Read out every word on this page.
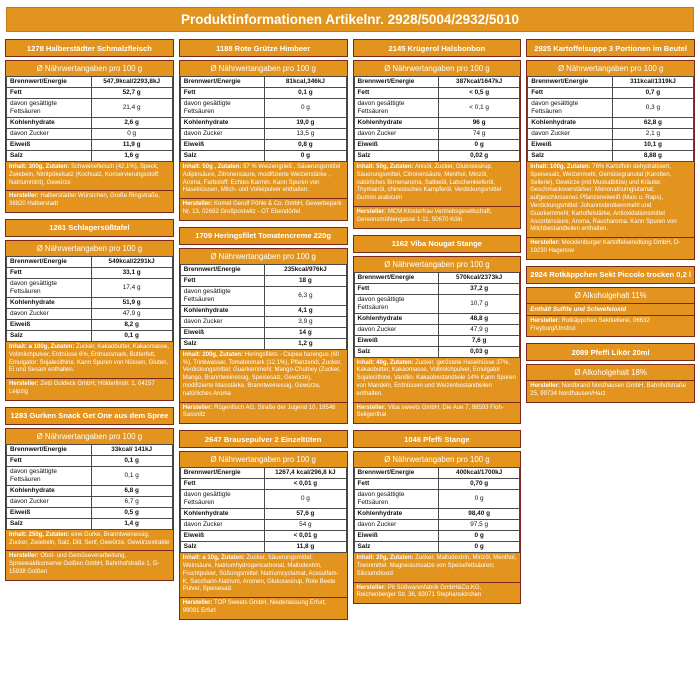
Produktinformationen Artikelnr. 2928/5004/2932/5010
1278 Halberstädter Schmalzfleisch
Ø Nährwertangaben pro 100 g
Brennwert/Energie	547,9kcal/2293,8kJ
Fett	52,7 g
davon gesättigte Fettsäuren	21,4 g
Kohlenhydrate	2,6 g
davon Zucker	0 g
Eiweiß	11,9 g
Salz	1,6 g
Inhalt: 300g, Zutaten: Schweinefleisch (42,1%), Speck, Zwiebeln, Nitritpökelsalz (Kochsalz, Konservierungsstoff: Natriumnitrit), Gewürze
Hersteller: Halberstädter Würstchen, Große Ringstraße, 38820 Halberstadt
1261 Schlagersüßtafel
Ø Nährwertangaben pro 100 g
Brennwert/Energie	549kcal/2291kJ
Fett	33,1 g
davon gesättigte Fettsäuren	17,4 g
Kohlenhydrate	51,9 g
davon Zucker	47,9 g
Eiweiß	8,2 g
Salz	0,1 g
Inhalt: a 100g, Zutaten: Zucker, Kakaobutter, Kakaomasse, Vollmilchpulver, Erdnüsse 6%, Erdnussmark, Butterfett, Emulgator: Sojalecithine. Kann Spuren von Nüssen, Gluten, Ei und Sesam enthalten.
Hersteller: Zetti Goldeck GmbH, Hölderlinstr. 1, 04157 Leipzig
1283 Gurken Snack Get One aus dem Spree
Ø Nährwertangaben pro 100 g
Brennwert/Energie	33kcal/ 141kJ
Fett	0,1 g
davon gesättigte Fettsäuren	0,1 g
Kohlenhydrate	6,8 g
davon Zucker	6,7 g
Eiweiß	0,5 g
Salz	1,4 g
Inhalt: 250g, Zutaten: eine Gurke, Branntweinessig, Zucker, Zwiebeln, Salz, Dill, Senf, Gewürze, Gewürzextrakte
Hersteller: Obst- und Gemüseverarbeitung, Spreewaldkonserve Golßen GmbH, Bahnhofstraße 1, D-15938 Golßen
1188 Rote Grütze Himbeer
Ø Nährwertangaben pro 100 g
Brennwert/Energie	81kcal,346kJ
Fett	0,1 g
davon gesättigte Fettsäuren	0 g
Kohlenhydrate	19,0 g
davon Zucker	13,5 g
Eiweiß	0,8 g
Salz	0 g
Inhalt: 50g , Zutaten: 97 % Weizengrieß , Säuerungsmittel Adipinsäure, Zitronensäure, modifizierte Weizenstärke , Aroma, Farbstoff: Echtes Karmin. Kann Spuren von Haselnüssen, Milch- und Volleipulver enthalten.
Hersteller: Komet Gerolf Pöhle & Co. GmbH, Gewerbepark Nr. 13, 02692 Großpostwitz - OT Ebendörfel
1709 Heringsfilet Tomatencreme 220g
Ø Nährwertangaben pro 100 g
Brennwert/Energie	235kcal/976kJ
Fett	18 g
davon gesättigte Fettsäuren	6,3 g
Kohlenhydrate	4,1 g
davon Zucker	3,9 g
Eiweiß	14 g
Salz	1,2 g
Inhalt: 200g, Zutaten: Heringsfilets - Clupea harengus (60 %), Trinkwasser, Tomatenmark (12,1%), Pflanzenöl, Zucker, Verdickungsmittel: Guarkernmehl; Mango-Chutney (Zucker, Mango, Branntweinessig, Speisesalz, Gewürze), modifizierte Maisstärke, Branntweinessig, Gewürze, natürliches Aroma
Hersteller: Rügenfisch AG, Straße der Jugend 10, 18546 Sassnitz
2647 Brausepulver 2 Einzeltüten
Ø Nährwertangaben pro 100 g
Brennwert/Energie	1267,4 kcal/296,8 kJ
Fett	< 0,01 g
davon gesättigte Fettsäuren	0 g
Kohlenhydrate	57,6 g
davon Zucker	54 g
Eiweiß	< 0,01 g
Salz	11,8 g
Inhalt: a 10g, Zutaten: Zucker, Säuerungsmittel: Weinsäure, Natriumhydrogencarbonat, Maltodextrin, Fruchtpulver, Süßungsmittel: Natriumcyclamat, Acesulfam-K, Saccharin-Natrium, Aromen, Glukosesirup, Rote Beete Pulver, Speisesalz
Hersteller: TOP Sweets GmbH, Niederlassung Erfurt, 99091 Erfurt
2145 Krügerol Halsbonbon
Ø Nährwertangaben pro 100 g
Brennwert/Energie	387kcal/1647kJ
Fett	< 0,5 g
davon gesättigte Fettsäuren	< 0,1 g
Kohlenhydrate	96 g
davon Zucker	74 g
Eiweiß	0 g
Salz	0,02 g
Inhalt: 50g, Zutaten: Anisöl, Zucker, Glukosesirup, Säuerungsmittel, Citronensäure, Menthol, Minzöl, natürliches Birnenaroma, Salbeiöl, Latschenkieferöl, Thymianöl, chinesisches Kampferöl, Verdickungsmittel Gummi arabicum
Hersteller: MCM Klosterfrau Vertriebsgesellschaft, Gereonsmühlengasse 1-11, 50670 Köln
1162 Viba Nougat Stange
Ø Nährwertangaben pro 100 g
Brennwert/Energie	570kcal/2373kJ
Fett	37,2 g
davon gesättigte Fettsäuren	10,7 g
Kohlenhydrate	48,8 g
davon Zucker	47,9 g
Eiweiß	7,6 g
Salz	0,03 g
Inhalt: 40g, Zutaten: Zucker, geröstete Haselnüsse 37%, Kakaobutter, Kakaomasse, Vollmilchpulver, Emulgator Sojalecithine, Vanillin. Kakaobestandteile 14% Kann Spuren von Mandeln, Erdnüssen und Weizenbestandteilen enthalten.
Hersteller: Viba sweets GmbH, Die Aue 7, 98593 Floh-Seligenthal
1046 Pfeffi Stange
Ø Nährwertangaben pro 100 g
Brennwert/Energie	400kcal/1700kJ
Fett	0,70 g
davon gesättigte Fettsäuren	0 g
Kohlenhydrate	98,40 g
davon Zucker	97,5 g
Eiweiß	0 g
Salz	0 g
Inhalt: 20g, Zutaten: Zucker, Maltodextrin, Minzöl, Menthol, Trennmittel: Magnesiumsalze von Speisefettsäuren; Siliciumdioxid
Hersteller: Pit Süßwarenfabrik GmbH&Co.KG, Reichenberger Str. 36, 83071 Stephanskirchen
2925 Kartoffelsuppe 3 Portionen im Beutel
Ø Nährwertangaben pro 100 g
Brennwert/Energie	311kcal/1319kJ
Fett	0,7 g
davon gesättigte Fettsäuren	0,3 g
Kohlenhydrate	62,8 g
davon Zucker	2,1 g
Eiweiß	10,1 g
Salz	8,88 g
Inhalt: 100g, Zutaten: 76% Kartoffeln dehydratisiert, Speisesalz, Weizenmehl, Gemüsegranulat (Karotten, Sellerie), Gewürze (mit Muskatblüte) und Kräuter, Geschmacksverstärker: Mononatriumglutamat; aufgeschlossenes Pflanzeneiweiß (Mais u. Raps), Verdickungsmittel: Johannisbrotkernmehl und Guarkernmehl; Kartoffelstärke, Antioxidationsmittel Ascorbinsäure; Aroma, Raucharoma. Kann Spuren von Milchbestandteilen enthalten.
Hersteller: Mecklenburger Kartoffelveredlung GmbH, D-19230 Hagenow
2924 Rotkäppchen Sekt Piccolo trocken 0,2 l
Ø Alkoholgehalt 11%
Enthält Sulfite und Schwefeloxid
Hersteller: Rotkäppchen Sektkellerei, 06632 Freyburg/Unstrut
2089 Pfeffi Likör 20ml
Ø Alkoholgehalt 18%
Hersteller: Nordbrand Nordhausen GmbH, Bahnhofstraße 25, 99734 Nordhausen/Harz
